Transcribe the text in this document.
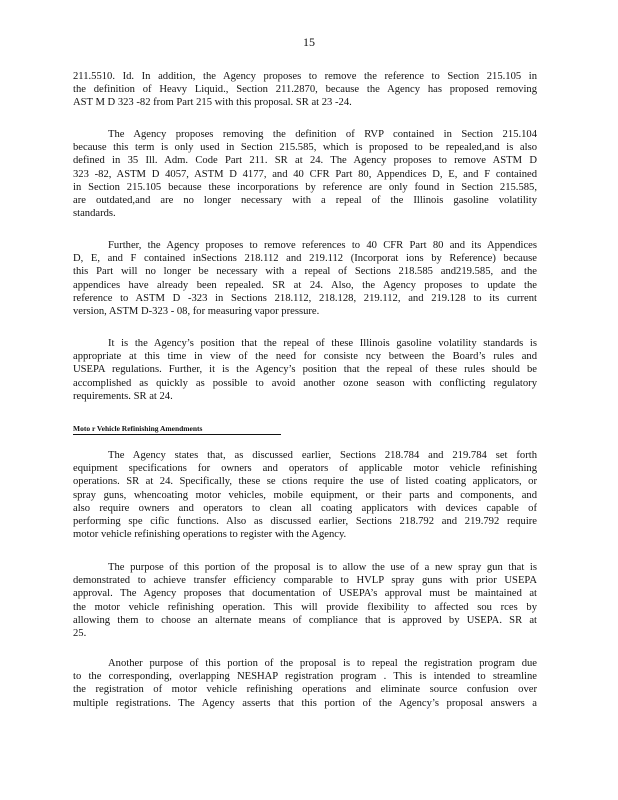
15
211.5510. Id. In addition, the Agency proposes to remove the reference to Section 215.105 in
the definition of Heavy Liquid., Section 211.2870, because the Agency has proposed removing
AST M D 323 -82 from Part 215 with this proposal. SR at 23 -24.
The Agency proposes removing the definition of RVP contained in Section 215.104
because this term is only used in Section 215.585, which is proposed to be repealed,and is also
defined in 35 Ill. Adm. Code Part 211. SR at 24. The Agency proposes to remove ASTM D
323 -82, ASTM D 4057, ASTM D 4177, and 40 CFR Part 80, Appendices D, E, and F contained
in Section 215.105 because these incorporations by reference are only found in Section 215.585,
are outdated,and are no longer necessary with a repeal of the Illinois gasoline volatility
standards.
Further, the Agency proposes to remove references to 40 CFR Part 80 and its Appendices
D, E, and F contained inSections 218.112 and 219.112 (Incorporat ions by Reference) because
this Part will no longer be necessary with a repeal of Sections 218.585 and219.585, and the
appendices have already been repealed. SR at 24. Also, the Agency proposes to update the
reference to ASTM D -323 in Sections 218.112, 218.128, 219.112, and 219.128 to its current
version, ASTM D-323 - 08, for measuring vapor pressure.
It is the Agency’s position that the repeal of these Illinois gasoline volatility standards is
appropriate at this time in view of the need for consiste ncy between the Board’s rules and
USEPA regulations. Further, it is the Agency’s position that the repeal of these rules should be
accomplished as quickly as possible to avoid another ozone season with conflicting regulatory
requirements. SR at 24.
Moto r Vehicle Refinishing Amendments
The Agency states that, as discussed earlier, Sections 218.784 and 219.784 set forth
equipment specifications for owners and operators of applicable motor vehicle refinishing
operations. SR at 24. Specifically, these se ctions require the use of listed coating applicators, or
spray guns, whencoating motor vehicles, mobile equipment, or their parts and components, and
also require owners and operators to clean all coating applicators with devices capable of
performing spe cific functions. Also as discussed earlier, Sections 218.792 and 219.792 require
motor vehicle refinishing operations to register with the Agency.
The purpose of this portion of the proposal is to allow the use of a new spray gun that is
demonstrated to achieve transfer efficiency comparable to HVLP spray guns with prior USEPA
approval. The Agency proposes that documentation of USEPA’s approval must be maintained at
the motor vehicle refinishing operation. This will provide flexibility to affected sou rces by
allowing them to choose an alternate means of compliance that is approved by USEPA. SR at
25.
Another purpose of this portion of the proposal is to repeal the registration program due
to the corresponding, overlapping NESHAP registration program . This is intended to streamline
the registration of motor vehicle refinishing operations and eliminate source confusion over
multiple registrations. The Agency asserts that this portion of the Agency’s proposal answers a
